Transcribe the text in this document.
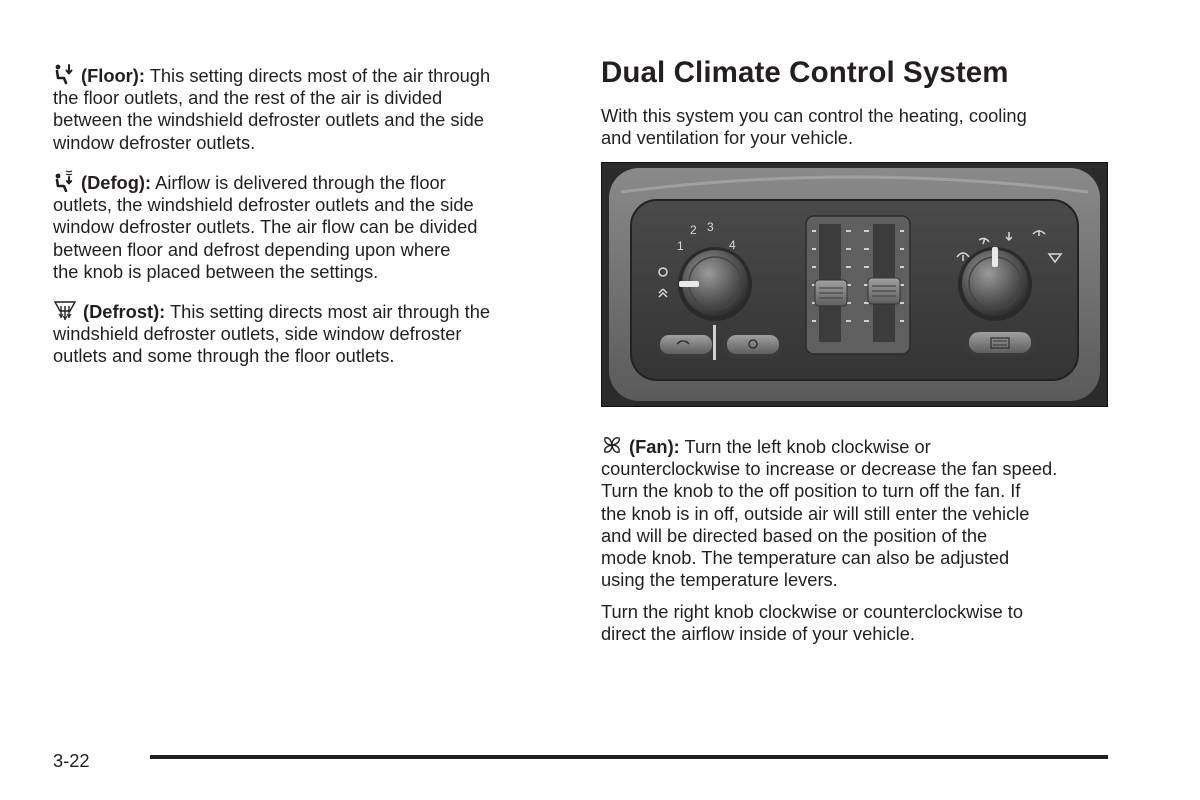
(Floor): This setting directs most of the air through
the floor outlets, and the rest of the air is divided
between the windshield defroster outlets and the side
window defroster outlets.

(Defog): Airflow is delivered through the floor
outlets, the windshield defroster outlets and the side
window defroster outlets. The air flow can be divided
between floor and defrost depending upon where
the knob is placed between the settings.

(Defrost): This setting directs most air through the
windshield defroster outlets, side window defroster
outlets and some through the floor outlets.

Dual Climate Control System

With this system you can control the heating, cooling
and ventilation for your vehicle.

1
2 3
4

(Fan): Turn the left knob clockwise or
counterclockwise to increase or decrease the fan speed.
Turn the knob to the off position to turn off the fan. If
the knob is in off, outside air will still enter the vehicle
and will be directed based on the position of the
mode knob. The temperature can also be adjusted
using the temperature levers.

Turn the right knob clockwise or counterclockwise to
direct the airflow inside of your vehicle.

3-22
